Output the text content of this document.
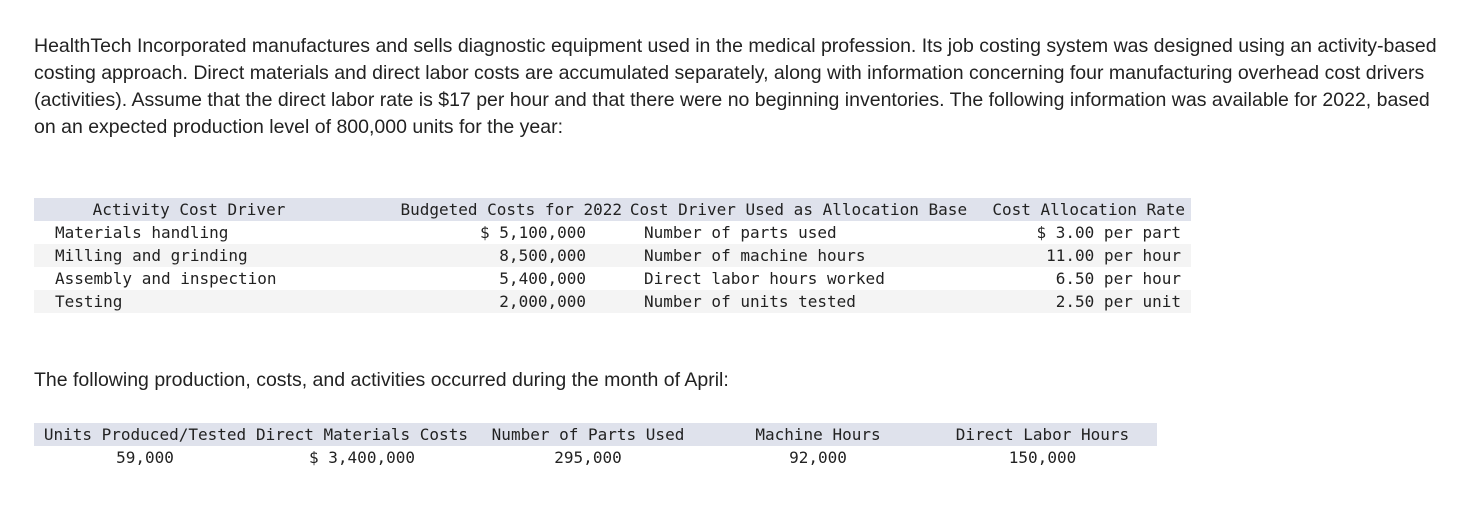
HealthTech Incorporated manufactures and sells diagnostic equipment used in the medical profession. Its job costing system was designed using an activity-based costing approach. Direct materials and direct labor costs are accumulated separately, along with information concerning four manufacturing overhead cost drivers (activities). Assume that the direct labor rate is $17 per hour and that there were no beginning inventories. The following information was available for 2022, based on an expected production level of 800,000 units for the year:
Activity Cost Driver	Budgeted Costs for 2022	Cost Driver Used as Allocation Base	Cost Allocation Rate
Materials handling	$ 5,100,000	Number of parts used	$ 3.00 per part
Milling and grinding	8,500,000	Number of machine hours	11.00 per hour
Assembly and inspection	5,400,000	Direct labor hours worked	6.50 per hour
Testing	2,000,000	Number of units tested	2.50 per unit
The following production, costs, and activities occurred during the month of April:
Units Produced/Tested	Direct Materials Costs	Number of Parts Used	Machine Hours	Direct Labor Hours
59,000	$ 3,400,000	295,000	92,000	150,000
